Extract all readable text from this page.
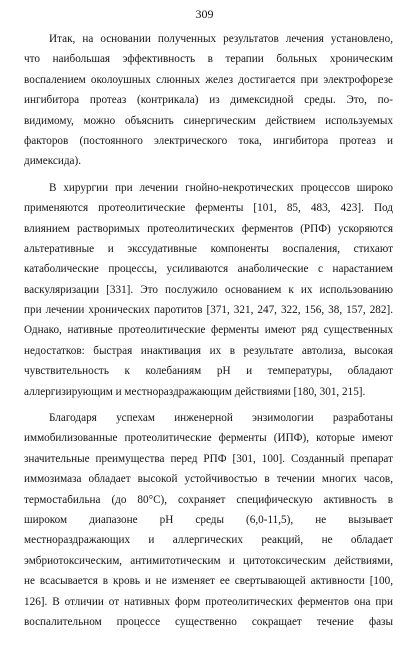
309
Итак, на основании полученных результатов лечения установлено,
что наибольшая эффективность в терапии больных хроническим
воспалением околоушных слюнных желез достигается при электрофорезе
ингибитора протеаз (контрикала) из димексидной среды. Это, по-
видимому, можно объяснить синергическим действием используемых
факторов (постоянного электрического тока, ингибитора протеаз и
димексида).
В хирургии при лечении гнойно-некротических процессов широко
применяются протеолитические ферменты [101, 85, 483, 423]. Под
влиянием растворимых протеолитических ферментов (РПФ) ускоряются
альтеративные и экссудативные компоненты воспаления, стихают
катаболические процессы, усиливаются анаболические с нарастанием
васкуляризации [331]. Это послужило основанием к их использованию
при лечении хронических паротитов [371, 321, 247, 322, 156, 38, 157, 282].
Однако, нативные протеолитические ферменты имеют ряд существенных
недостатков: быстрая инактивация их в результате автолиза, высокая
чувствительность к колебаниям рН и температуры, обладают
аллергизирующим и местнораздражающим действиями [180, 301, 215].
Благодаря успехам инженерной энзимологии разработаны
иммобилизованные протеолитические ферменты (ИПФ), которые имеют
значительные преимущества перед РПФ [301, 100]. Созданный препарат
иммозимаза обладает высокой устойчивостью в течении многих часов,
термостабильна (до 80°С), сохраняет специфическую активность в
широком диапазоне рН среды (6,0-11,5), не вызывает
местнораздражающих и аллергических реакций, не обладает
эмбриотоксическим, антимитотическим и цитотоксическим действиями,
не всасывается в кровь и не изменяет ее свертывающей активности [100,
126]. В отличии от нативных форм протеолитических ферментов она при
воспалительном процессе существенно сокращает течение фазы
